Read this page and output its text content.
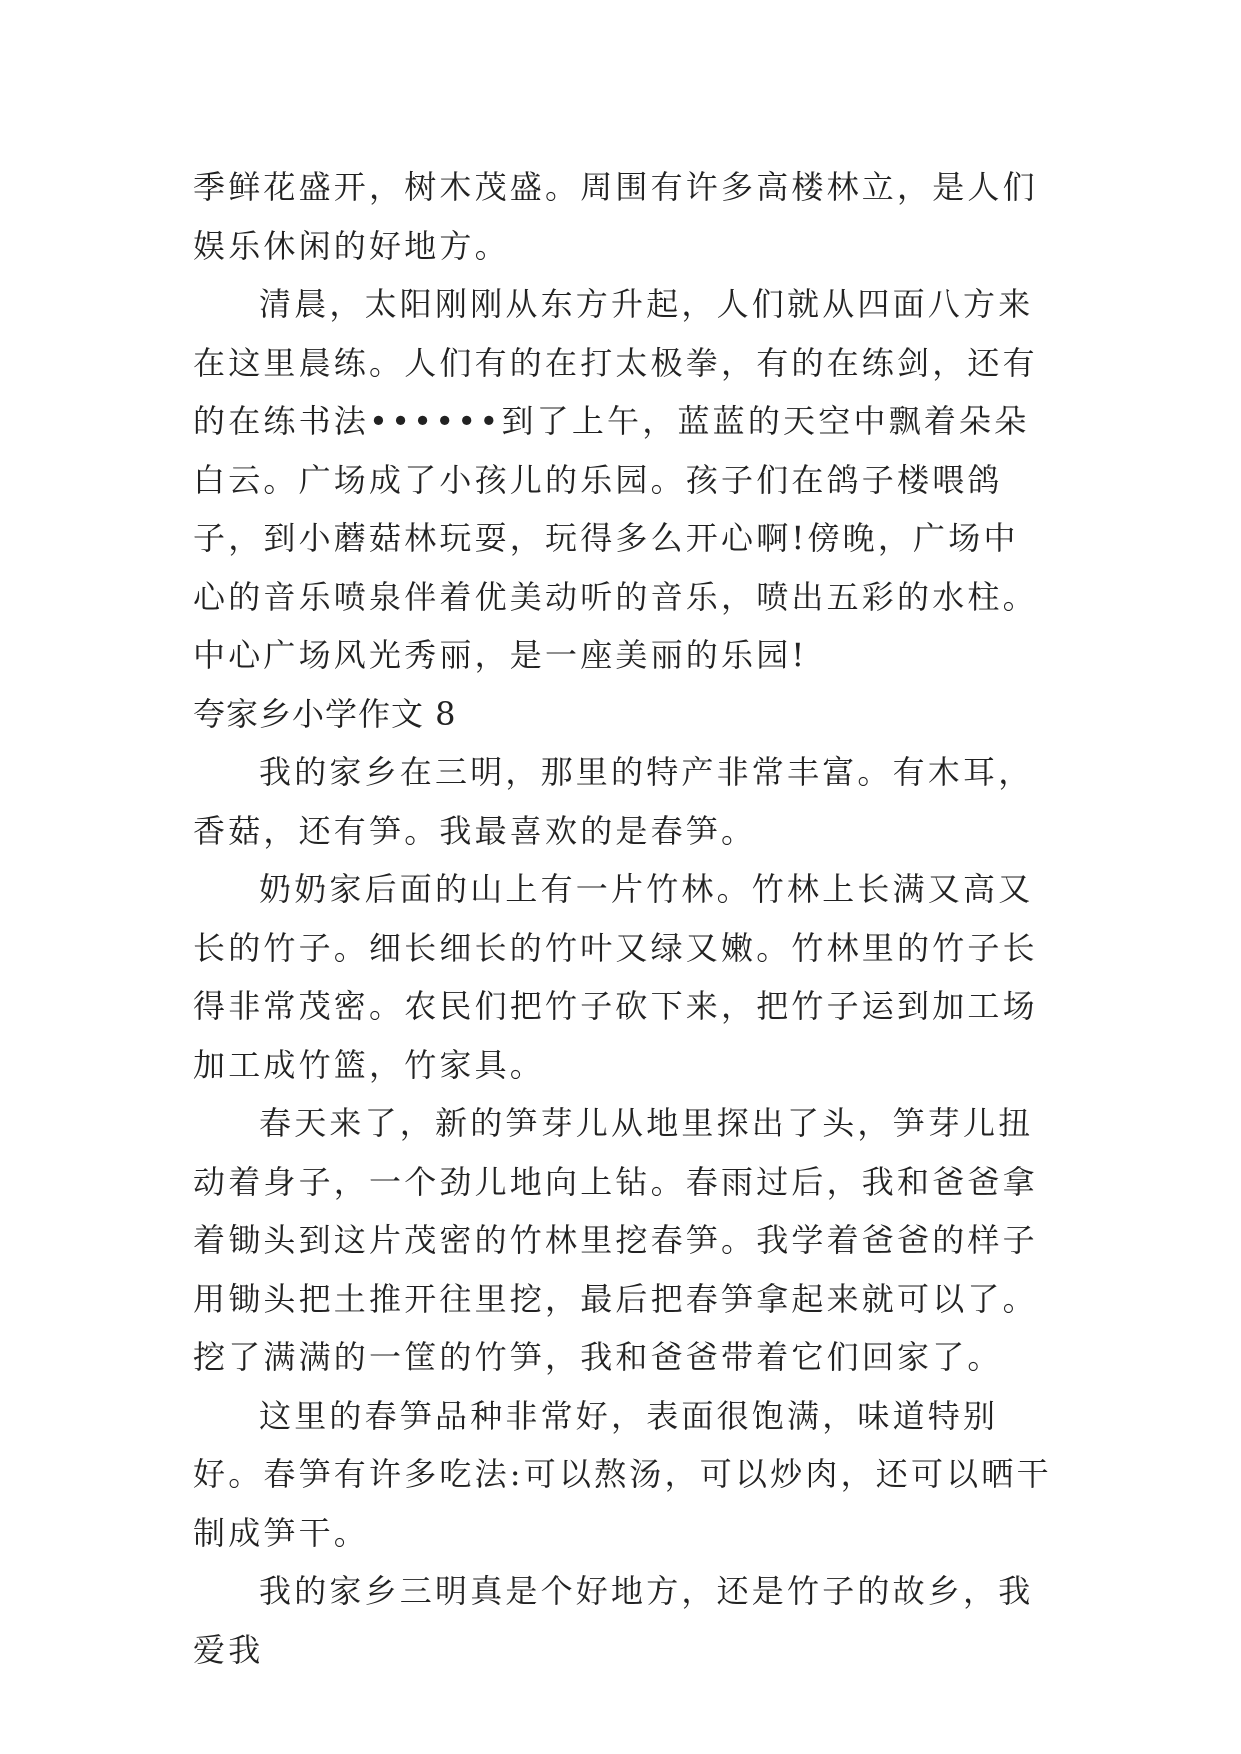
季鲜花盛开，树木茂盛。周围有许多高楼林立，是人们娱乐休闲的好地方。

清晨，太阳刚刚从东方升起，人们就从四面八方来在这里晨练。人们有的在打太极拳，有的在练剑，还有的在练书法••••••到了上午，蓝蓝的天空中飘着朵朵白云。广场成了小孩儿的乐园。孩子们在鸽子楼喂鸽子，到小蘑菇林玩耍，玩得多么开心啊!傍晚，广场中心的音乐喷泉伴着优美动听的音乐，喷出五彩的水柱。中心广场风光秀丽，是一座美丽的乐园!

夸家乡小学作文 8

我的家乡在三明，那里的特产非常丰富。有木耳，香菇，还有笋。我最喜欢的是春笋。

奶奶家后面的山上有一片竹林。竹林上长满又高又长的竹子。细长细长的竹叶又绿又嫩。竹林里的竹子长得非常茂密。农民们把竹子砍下来，把竹子运到加工场加工成竹篮，竹家具。

春天来了，新的笋芽儿从地里探出了头，笋芽儿扭动着身子，一个劲儿地向上钻。春雨过后，我和爸爸拿着锄头到这片茂密的竹林里挖春笋。我学着爸爸的样子用锄头把土推开往里挖，最后把春笋拿起来就可以了。挖了满满的一筐的竹笋，我和爸爸带着它们回家了。

这里的春笋品种非常好，表面很饱满，味道特别好。春笋有许多吃法:可以熬汤，可以炒肉，还可以晒干制成笋干。

我的家乡三明真是个好地方，还是竹子的故乡，我爱我
